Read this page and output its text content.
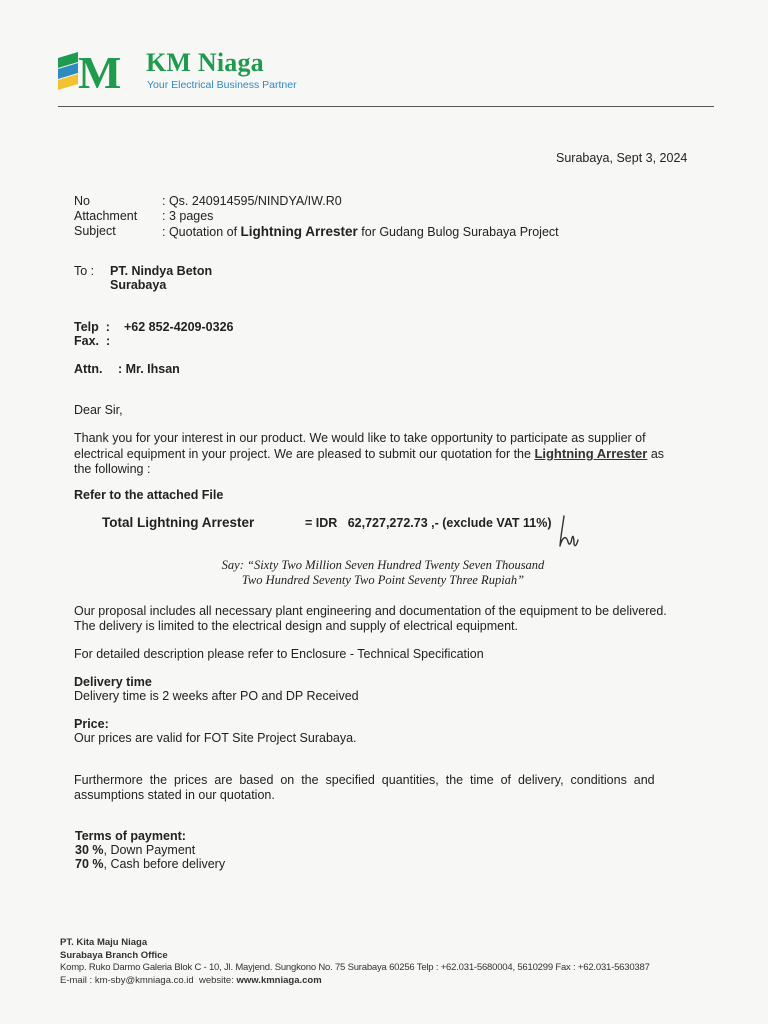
M KM Niaga
Your Electrical Business Partner
Surabaya, Sept 3, 2024
No	: Qs. 240914595/NINDYA/IW.R0
Attachment	: 3 pages
Subject	: Quotation of Lightning Arrester for Gudang Bulog Surabaya Project
To : PT. Nindya Beton
Surabaya
Telp  : +62 852-4209-0326
Fax.  :
Attn. : Mr. Ihsan
Dear Sir,
Thank you for your interest in our product. We would like to take opportunity to participate as supplier of
electrical equipment in your project. We are pleased to submit our quotation for the Lightning Arrester as
the following :
Refer to the attached File
Total Lightning Arrester	= IDR   62,727,272.73 ,- (exclude VAT 11%)
Say: “Sixty Two Million Seven Hundred Twenty Seven Thousand
Two Hundred Seventy Two Point Seventy Three Rupiah”
Our proposal includes all necessary plant engineering and documentation of the equipment to be delivered.
The delivery is limited to the electrical design and supply of electrical equipment.
For detailed description please refer to Enclosure - Technical Specification
Delivery time
Delivery time is 2 weeks after PO and DP Received
Price:
Our prices are valid for FOT Site Project Surabaya.
Furthermore  the  prices  are  based  on  the  specified  quantities,  the  time  of  delivery,  conditions  and
assumptions stated in our quotation.
Terms of payment:
30 %, Down Payment
70 %, Cash before delivery
PT. Kita Maju Niaga
Surabaya Branch Office
Komp. Ruko Darmo Galeria Blok C - 10, Jl. Mayjend. Sungkono No. 75 Surabaya 60256 Telp : +62.031-5680004, 5610299 Fax : +62.031-5630387
E-mail : km-sby@kmniaga.co.id  website: www.kmniaga.com
